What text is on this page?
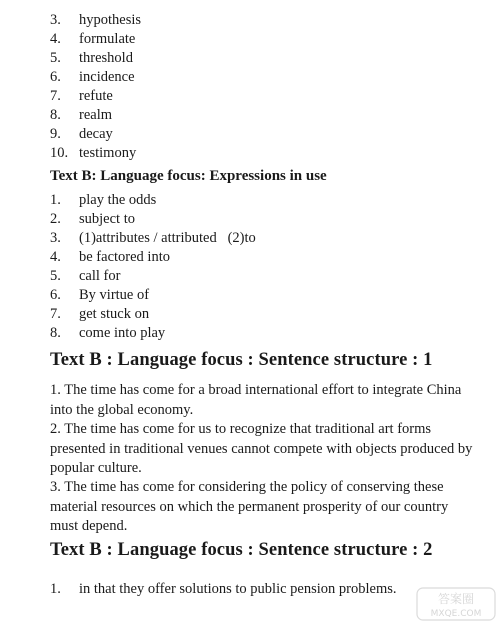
3.	hypothesis
4.	formulate
5.	threshold
6.	incidence
7.	refute
8.	realm
9.	decay
10. testimony
Text B: Language focus: Expressions in use
1.	play the odds
2.	subject to
3.	(1)attributes / attributed   (2)to
4.	be factored into
5.	call for
6.	By virtue of
7.	get stuck on
8.	come into play
Text B : Language focus : Sentence structure : 1
1. The time has come for a broad international effort to integrate China into the global economy.
2. The time has come for us to recognize that traditional art forms presented in traditional venues cannot compete with objects produced by popular culture.
3. The time has come for considering the policy of conserving these material resources on which the permanent prosperity of our country must depend.
Text B : Language focus : Sentence structure : 2
1.	in that they offer solutions to public pension problems.
答案圈
MXQE.COM
